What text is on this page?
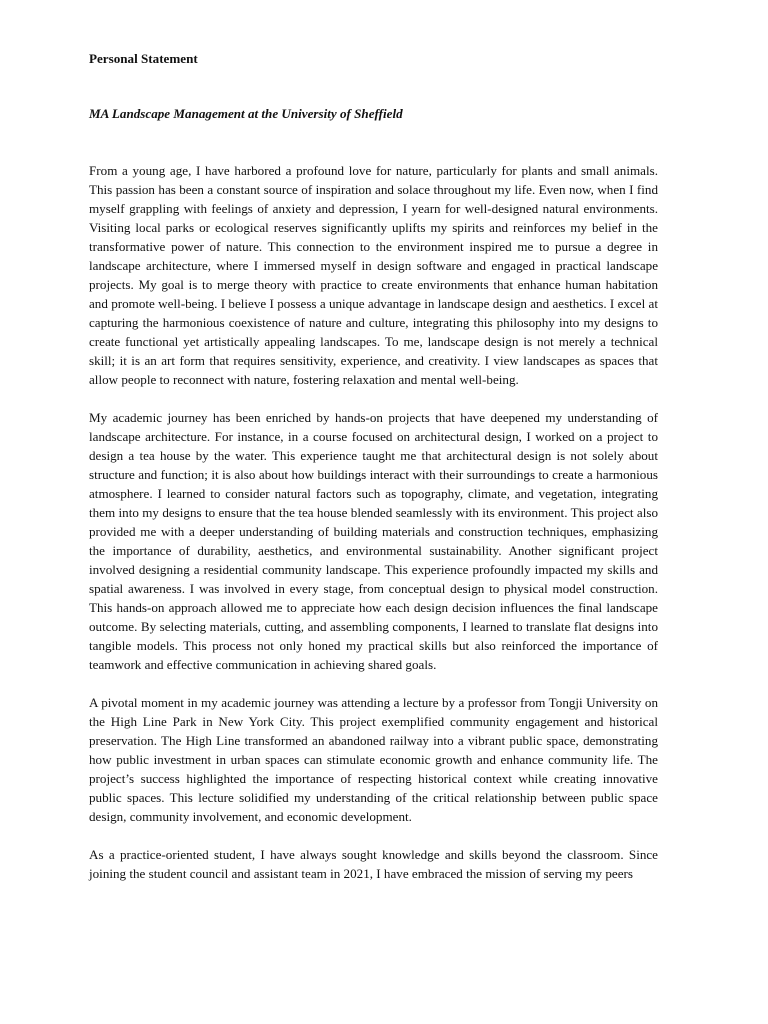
Personal Statement
MA Landscape Management at the University of Sheffield

From a young age, I have harbored a profound love for nature, particularly for plants and small animals. This passion has been a constant source of inspiration and solace throughout my life. Even now, when I find myself grappling with feelings of anxiety and depression, I yearn for well-designed natural environments. Visiting local parks or ecological reserves significantly uplifts my spirits and reinforces my belief in the transformative power of nature. This connection to the environment inspired me to pursue a degree in landscape architecture, where I immersed myself in design software and engaged in practical landscape projects. My goal is to merge theory with practice to create environments that enhance human habitation and promote well-being. I believe I possess a unique advantage in landscape design and aesthetics. I excel at capturing the harmonious coexistence of nature and culture, integrating this philosophy into my designs to create functional yet artistically appealing landscapes. To me, landscape design is not merely a technical skill; it is an art form that requires sensitivity, experience, and creativity. I view landscapes as spaces that allow people to reconnect with nature, fostering relaxation and mental well-being.

My academic journey has been enriched by hands-on projects that have deepened my understanding of landscape architecture. For instance, in a course focused on architectural design, I worked on a project to design a tea house by the water. This experience taught me that architectural design is not solely about structure and function; it is also about how buildings interact with their surroundings to create a harmonious atmosphere. I learned to consider natural factors such as topography, climate, and vegetation, integrating them into my designs to ensure that the tea house blended seamlessly with its environment. This project also provided me with a deeper understanding of building materials and construction techniques, emphasizing the importance of durability, aesthetics, and environmental sustainability. Another significant project involved designing a residential community landscape. This experience profoundly impacted my skills and spatial awareness. I was involved in every stage, from conceptual design to physical model construction. This hands-on approach allowed me to appreciate how each design decision influences the final landscape outcome. By selecting materials, cutting, and assembling components, I learned to translate flat designs into tangible models. This process not only honed my practical skills but also reinforced the importance of teamwork and effective communication in achieving shared goals.

A pivotal moment in my academic journey was attending a lecture by a professor from Tongji University on the High Line Park in New York City. This project exemplified community engagement and historical preservation. The High Line transformed an abandoned railway into a vibrant public space, demonstrating how public investment in urban spaces can stimulate economic growth and enhance community life. The project’s success highlighted the importance of respecting historical context while creating innovative public spaces. This lecture solidified my understanding of the critical relationship between public space design, community involvement, and economic development.

As a practice-oriented student, I have always sought knowledge and skills beyond the classroom. Since joining the student council and assistant team in 2021, I have embraced the mission of serving my peers
